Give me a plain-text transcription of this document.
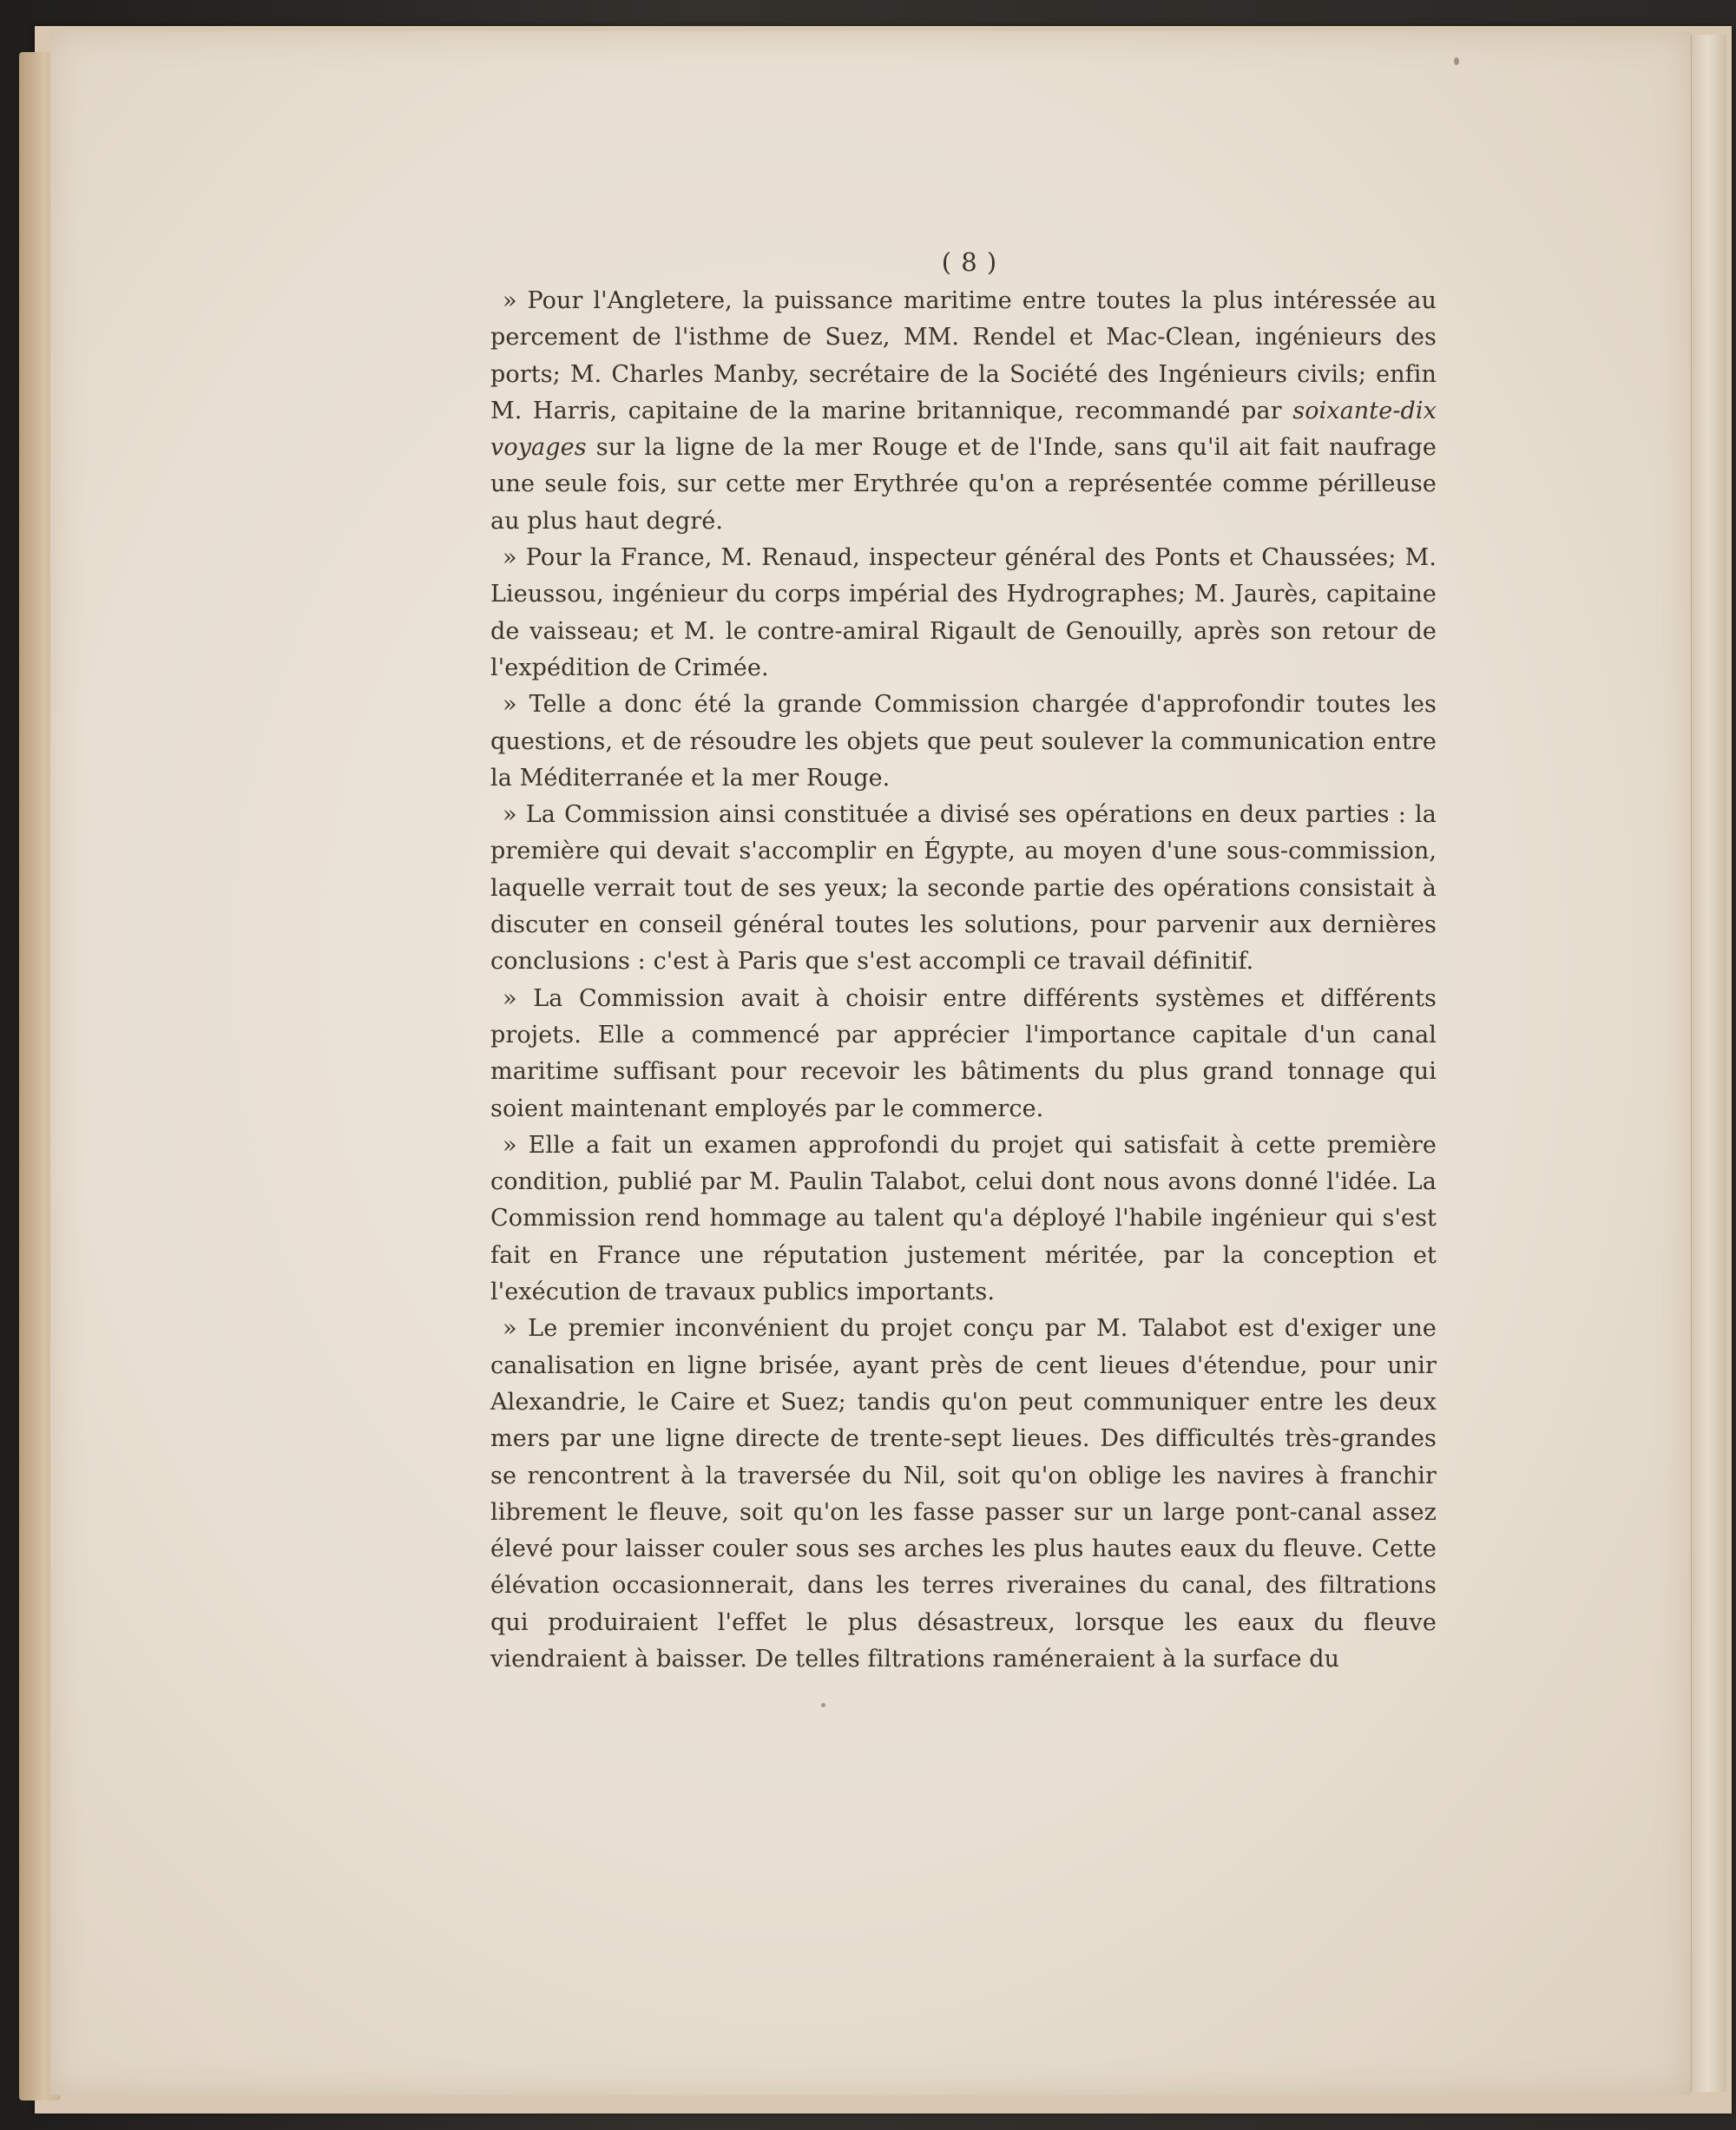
( 8 )

» Pour l'Angletere, la puissance maritime entre toutes la plus intéressée au percement de l'isthme de Suez, MM. Rendel et Mac-Clean, ingénieurs des ports; M. Charles Manby, secrétaire de la Société des Ingénieurs civils; enfin M. Harris, capitaine de la marine britannique, recommandé par soixante-dix voyages sur la ligne de la mer Rouge et de l'Inde, sans qu'il ait fait naufrage une seule fois, sur cette mer Erythrée qu'on a représentée comme périlleuse au plus haut degré.

» Pour la France, M. Renaud, inspecteur général des Ponts et Chaussées; M. Lieussou, ingénieur du corps impérial des Hydrographes; M. Jaurès, capitaine de vaisseau; et M. le contre-amiral Rigault de Genouilly, après son retour de l'expédition de Crimée.

» Telle a donc été la grande Commission chargée d'approfondir toutes les questions, et de résoudre les objets que peut soulever la communication entre la Méditerranée et la mer Rouge.

» La Commission ainsi constituée a divisé ses opérations en deux parties : la première qui devait s'accomplir en Égypte, au moyen d'une sous-commission, laquelle verrait tout de ses yeux; la seconde partie des opérations consistait à discuter en conseil général toutes les solutions, pour parvenir aux dernières conclusions : c'est à Paris que s'est accompli ce travail définitif.

» La Commission avait à choisir entre différents systèmes et différents projets. Elle a commencé par apprécier l'importance capitale d'un canal maritime suffisant pour recevoir les bâtiments du plus grand tonnage qui soient maintenant employés par le commerce.

» Elle a fait un examen approfondi du projet qui satisfait à cette première condition, publié par M. Paulin Talabot, celui dont nous avons donné l'idée. La Commission rend hommage au talent qu'a déployé l'habile ingénieur qui s'est fait en France une réputation justement méritée, par la conception et l'exécution de travaux publics importants.

» Le premier inconvénient du projet conçu par M. Talabot est d'exiger une canalisation en ligne brisée, ayant près de cent lieues d'étendue, pour unir Alexandrie, le Caire et Suez; tandis qu'on peut communiquer entre les deux mers par une ligne directe de trente-sept lieues. Des difficultés très-grandes se rencontrent à la traversée du Nil, soit qu'on oblige les navires à franchir librement le fleuve, soit qu'on les fasse passer sur un large pont-canal assez élevé pour laisser couler sous ses arches les plus hautes eaux du fleuve. Cette élévation occasionnerait, dans les terres riveraines du canal, des filtrations qui produiraient l'effet le plus désastreux, lorsque les eaux du fleuve viendraient à baisser. De telles filtrations raméneraient à la surface du
